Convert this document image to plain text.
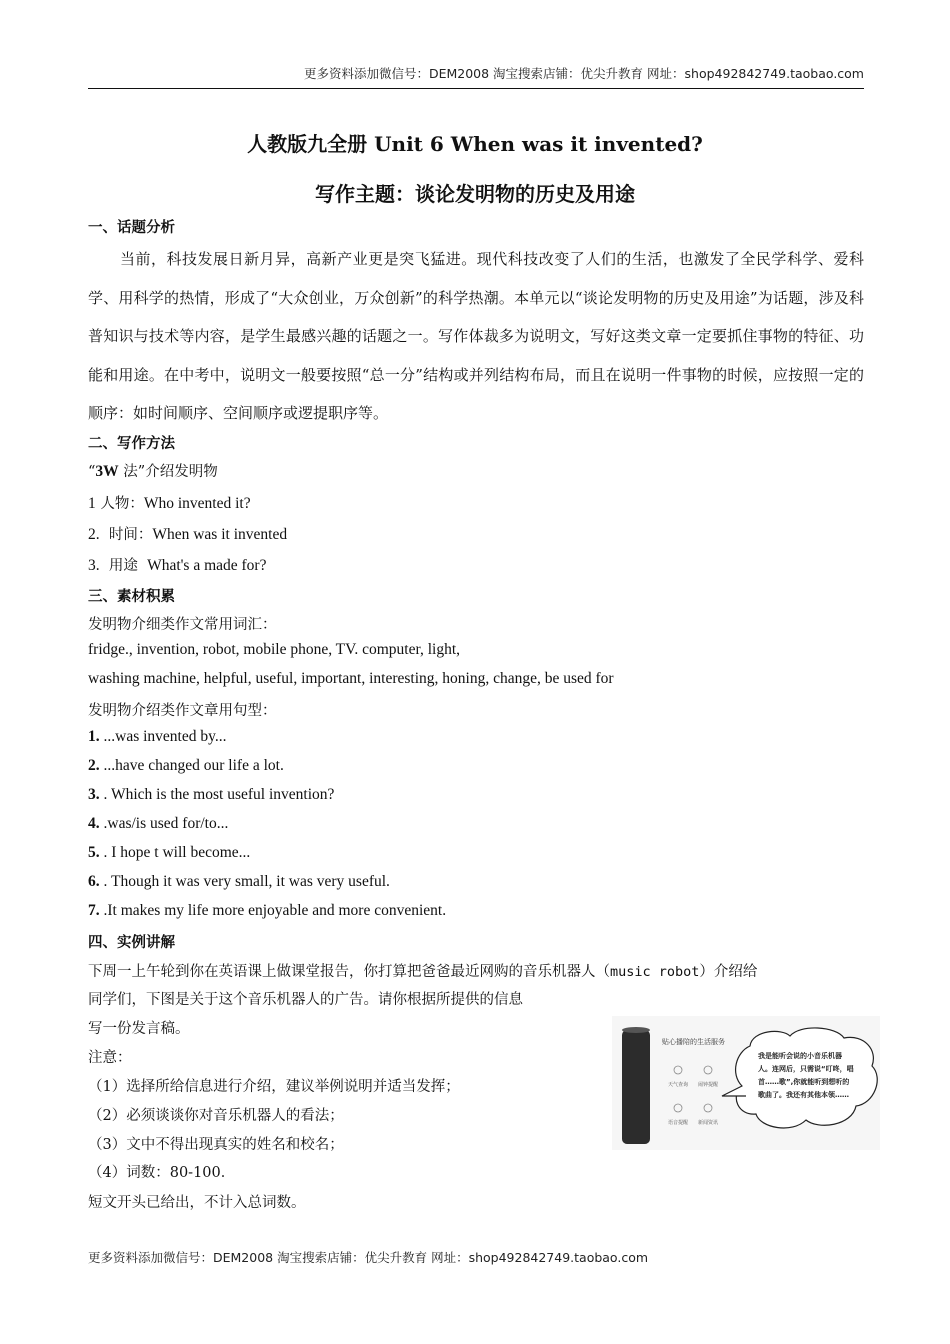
更多资料添加微信号：DEM2008 淘宝搜索店铺：优尖升教育 网址：shop492842749.taobao.com
人教版九全册 Unit 6 When was it invented?
写作主题：谈论发明物的历史及用途
一、话题分析
当前，科技发展日新月异，高新产业更是突飞猛进。现代科技改变了人们的生活，也激发了全民学科学、爱科学、用科学的热情，形成了“大众创业，万众创新”的科学热潮。本单元以“谈论发明物的历史及用途”为话题，涉及科普知识与技术等内容，是学生最感兴趣的话题之一。写作体裁多为说明文，写好这类文章一定要抓住事物的特征、功能和用途。在中考中，说明文一般要按照“总一分”结构或并列结构布局，而且在说明一件事物的时候，应按照一定的顺序：如时间顺序、空间顺序或逻提职序等。
二、写作方法
“3W 法”介绍发明物
1 人物：Who invented it?
2.  时间：When was it invented
3.  用途  What's a made for?
三、素材积累
发明物介细类作文常用词汇：
fridge., invention, robot, mobile phone, TV. computer, light,
washing machine, helpful, useful, important, interesting, honing, change, be used for
发明物介绍类作文章用句型：
1. ...was invented by...
2. ...have changed our life a lot.
3. . Which is the most useful invention?
4. .was/is used for/to...
5. . I hope t will become...
6. . Though it was very small, it was very useful.
7. .It makes my life more enjoyable and more convenient.
四、实例讲解
下周一上午轮到你在英语课上做课堂报告，你打算把爸爸最近网购的音乐机器人（music robot）介绍给
同学们，下图是关于这个音乐机器人的广告。请你根据所提供的信息
写一份发言稿。
注意：
（1）选择所给信息进行介绍，建议举例说明并适当发挥；
（2）必须谈谈你对音乐机器人的看法；
（3）文中不得出现真实的姓名和校名；
（4）词数：80-100．
短文开头已给出，不计入总词数。
贴心播陪的生活服务
天气查询 闹钟提醒
语音提醒 新闻资讯
我是能听会说的小音乐机器
人。连网后，只需说“叮咚，唱
首……歌”,你就能听到想听的
歌曲了。我还有其他本领……
更多资料添加微信号：DEM2008 淘宝搜索店铺：优尖升教育 网址：shop492842749.taobao.com
